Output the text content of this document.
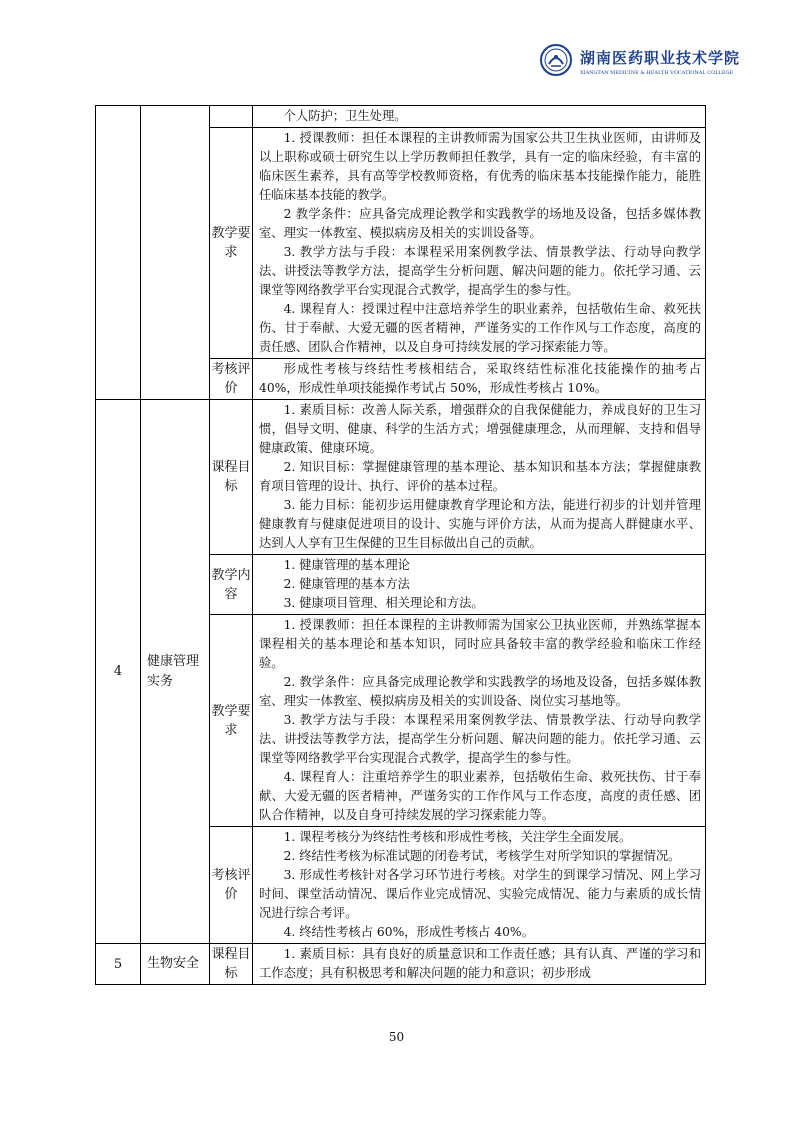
湖南医药职业技术学院
XIANGTAN MEDICINE & HEALTH VOCATIONAL COLLEGE

			个人防护；卫生处理。

		教学要求	1. 授课教师：担任本课程的主讲教师需为国家公共卫生执业医师，由讲师及以上职称或硕士研究生以上学历教师担任教学，具有一定的临床经验，有丰富的临床医生素养，具有高等学校教师资格，有优秀的临床基本技能操作能力，能胜任临床基本技能的教学。

2 教学条件：应具备完成理论教学和实践教学的场地及设备，包括多媒体教室、理实一体教室、模拟病房及相关的实训设备等。

3. 教学方法与手段：本课程采用案例教学法、情景教学法、行动导向教学法、讲授法等教学方法，提高学生分析问题、解决问题的能力。依托学习通、云课堂等网络教学平台实现混合式教学，提高学生的参与性。

4. 课程育人：授课过程中注意培养学生的职业素养，包括敬佑生命、救死扶伤、甘于奉献、大爱无疆的医者精神，严谨务实的工作作风与工作态度，高度的责任感、团队合作精神，以及自身可持续发展的学习探索能力等。

		考核评价	形成性考核与终结性考核相结合，采取终结性标准化技能操作的抽考占 40%，形成性单项技能操作考试占 50%，形成性考核占 10%。

4	健康管理实务	课程目标	1. 素质目标：改善人际关系，增强群众的自我保健能力，养成良好的卫生习惯，倡导文明、健康、科学的生活方式；增强健康理念，从而理解、支持和倡导健康政策、健康环境。

2. 知识目标：掌握健康管理的基本理论、基本知识和基本方法；掌握健康教育项目管理的设计、执行、评价的基本过程。

3. 能力目标：能初步运用健康教育学理论和方法，能进行初步的计划并管理健康教育与健康促进项目的设计、实施与评价方法，从而为提高人群健康水平、达到人人享有卫生保健的卫生目标做出自己的贡献。

		教学内容	1. 健康管理的基本理论

2. 健康管理的基本方法

3. 健康项目管理、相关理论和方法。

		教学要求	1. 授课教师：担任本课程的主讲教师需为国家公卫执业医师，并熟练掌握本课程相关的基本理论和基本知识，同时应具备较丰富的教学经验和临床工作经验。

2. 教学条件：应具备完成理论教学和实践教学的场地及设备，包括多媒体教室、理实一体教室、模拟病房及相关的实训设备、岗位实习基地等。

3. 教学方法与手段：本课程采用案例教学法、情景教学法、行动导向教学法、讲授法等教学方法，提高学生分析问题、解决问题的能力。依托学习通、云课堂等网络教学平台实现混合式教学，提高学生的参与性。

4. 课程育人：注重培养学生的职业素养，包括敬佑生命、救死扶伤、甘于奉献、大爱无疆的医者精神，严谨务实的工作作风与工作态度，高度的责任感、团队合作精神，以及自身可持续发展的学习探索能力等。

		考核评价	1. 课程考核分为终结性考核和形成性考核，关注学生全面发展。

2. 终结性考核为标准试题的闭卷考试，考核学生对所学知识的掌握情况。

3. 形成性考核针对各学习环节进行考核。对学生的到课学习情况、网上学习时间、课堂活动情况、课后作业完成情况、实验完成情况、能力与素质的成长情况进行综合考评。

4. 终结性考核占 60%，形成性考核占 40%。

5	生物安全	课程目标	1. 素质目标：具有良好的质量意识和工作责任感；具有认真、严谨的学习和工作态度；具有积极思考和解决问题的能力和意识；初步形成

50
